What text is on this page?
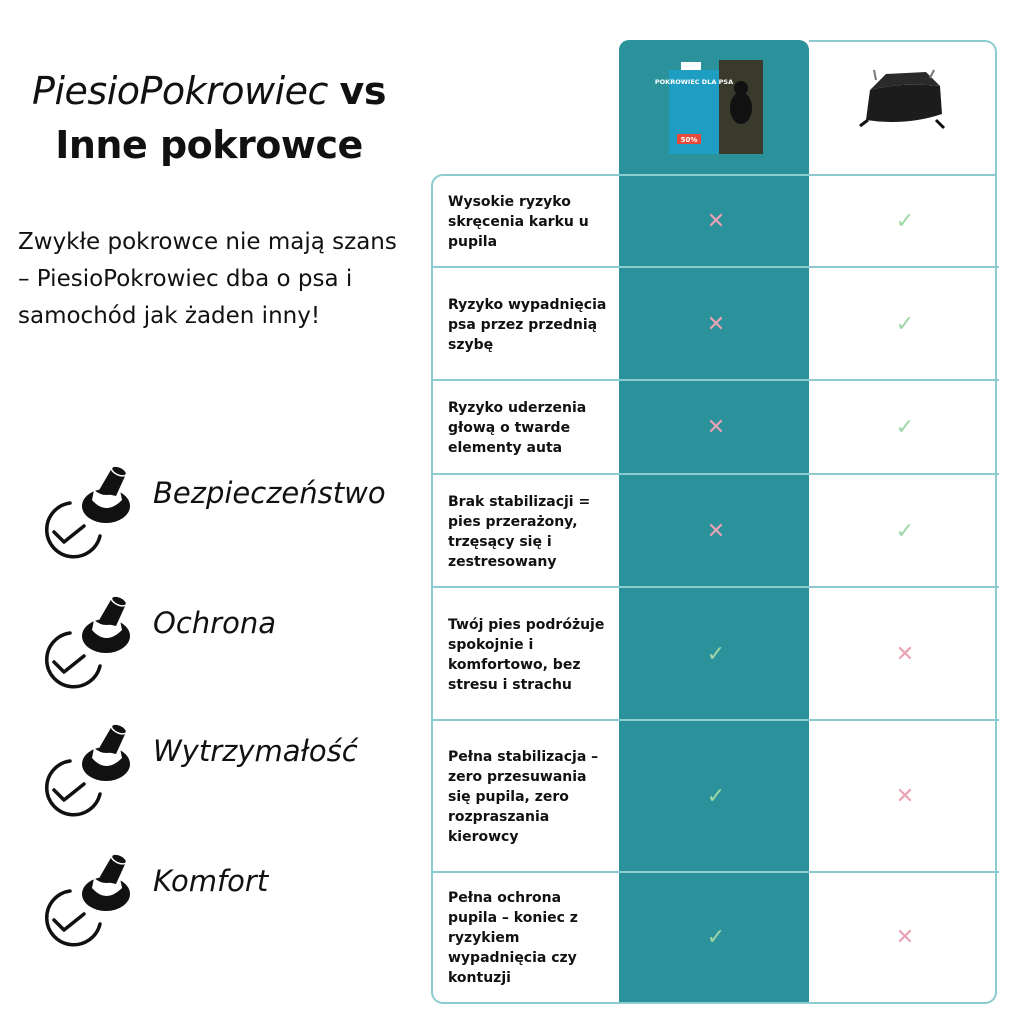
PiesioPokrowiec vs
Inne pokrowce

Zwykłe pokrowce nie mają szans – PiesioPokrowiec dba o psa i samochód jak żaden inny!

Bezpieczeństwo
Ochrona
Wytrzymałość
Komfort
POKROWIEC DLA PSA
50%
Wysokie ryzyko skręcenia karku u pupila
✕	✓
Ryzyko wypadnięcia psa przez przednią szybę
✕	✓
Ryzyko uderzenia głową o twarde elementy auta
✕	✓
Brak stabilizacji = pies przerażony, trzęsący się i zestresowany
✕	✓
Twój pies podróżuje spokojnie i komfortowo, bez stresu i strachu
✓	✕
Pełna stabilizacja – zero przesuwania się pupila, zero rozpraszania kierowcy
✓	✕
Pełna ochrona pupila – koniec z ryzykiem wypadnięcia czy kontuzji
✓	✕
